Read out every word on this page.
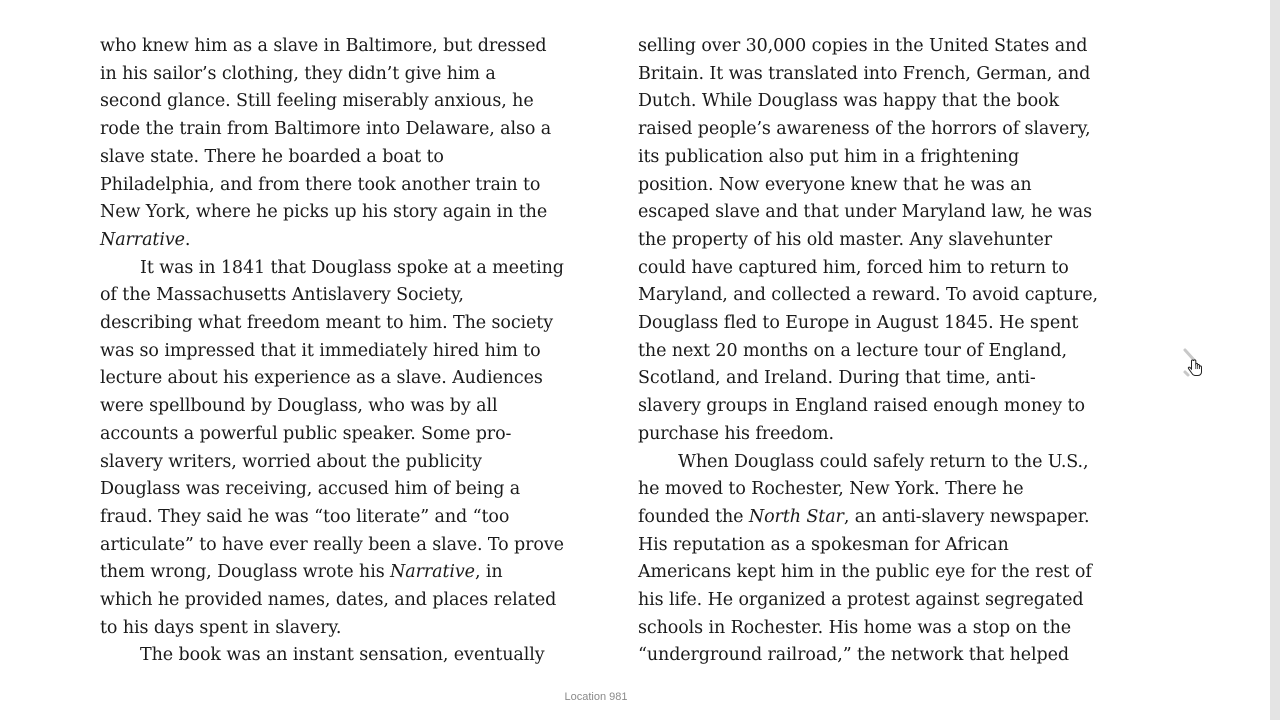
who knew him as a slave in Baltimore, but dressed
in his sailor’s clothing, they didn’t give him a
second glance. Still feeling miserably anxious, he
rode the train from Baltimore into Delaware, also a
slave state. There he boarded a boat to
Philadelphia, and from there took another train to
New York, where he picks up his story again in the
Narrative.
It was in 1841 that Douglass spoke at a meeting
of the Massachusetts Antislavery Society,
describing what freedom meant to him. The society
was so impressed that it immediately hired him to
lecture about his experience as a slave. Audiences
were spellbound by Douglass, who was by all
accounts a powerful public speaker. Some pro-
slavery writers, worried about the publicity
Douglass was receiving, accused him of being a
fraud. They said he was “too literate” and “too
articulate” to have ever really been a slave. To prove
them wrong, Douglass wrote his Narrative, in
which he provided names, dates, and places related
to his days spent in slavery.
The book was an instant sensation, eventually
selling over 30,000 copies in the United States and
Britain. It was translated into French, German, and
Dutch. While Douglass was happy that the book
raised people’s awareness of the horrors of slavery,
its publication also put him in a frightening
position. Now everyone knew that he was an
escaped slave and that under Maryland law, he was
the property of his old master. Any slavehunter
could have captured him, forced him to return to
Maryland, and collected a reward. To avoid capture,
Douglass fled to Europe in August 1845. He spent
the next 20 months on a lecture tour of England,
Scotland, and Ireland. During that time, anti-
slavery groups in England raised enough money to
purchase his freedom.
When Douglass could safely return to the U.S.,
he moved to Rochester, New York. There he
founded the North Star, an anti-slavery newspaper.
His reputation as a spokesman for African
Americans kept him in the public eye for the rest of
his life. He organized a protest against segregated
schools in Rochester. His home was a stop on the
“underground railroad,” the network that helped
Location 981
